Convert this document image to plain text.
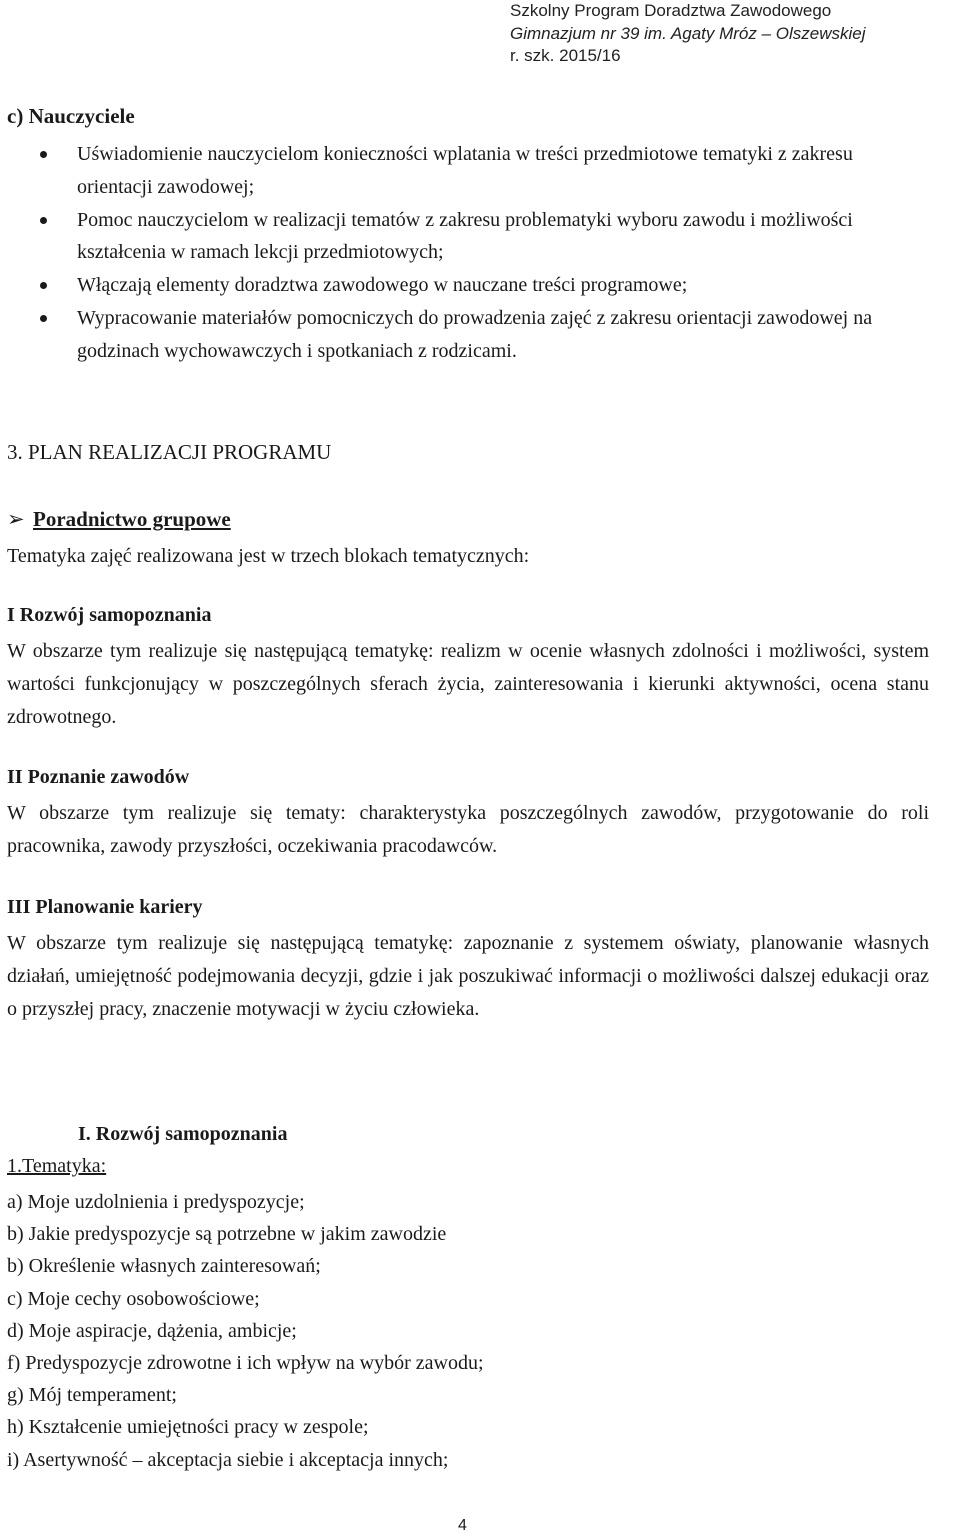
Szkolny Program Doradztwa Zawodowego
Gimnazjum nr 39 im. Agaty Mróz – Olszewskiej
r. szk. 2015/16
c) Nauczyciele
Uświadomienie nauczycielom konieczności wplatania w treści przedmiotowe tematyki z zakresu orientacji zawodowej;
Pomoc nauczycielom w realizacji tematów z zakresu problematyki wyboru zawodu i możliwości kształcenia w ramach lekcji przedmiotowych;
Włączają elementy doradztwa zawodowego w nauczane treści programowe;
Wypracowanie materiałów pomocniczych do prowadzenia zajęć z zakresu orientacji zawodowej na godzinach wychowawczych i spotkaniach z rodzicami.
3. PLAN REALIZACJI PROGRAMU
➢ Poradnictwo grupowe
Tematyka zajęć realizowana jest w trzech blokach tematycznych:
I Rozwój samopoznania
W obszarze tym realizuje się następującą tematykę: realizm w ocenie własnych zdolności i możliwości, system wartości funkcjonujący w poszczególnych sferach życia, zainteresowania i kierunki aktywności, ocena stanu zdrowotnego.
II Poznanie zawodów
W obszarze tym realizuje się tematy: charakterystyka poszczególnych zawodów, przygotowanie do roli pracownika, zawody przyszłości, oczekiwania pracodawców.
III Planowanie kariery
W obszarze tym realizuje się następującą tematykę: zapoznanie z systemem oświaty, planowanie własnych działań, umiejętność podejmowania decyzji, gdzie i jak poszukiwać informacji o możliwości dalszej edukacji oraz o przyszłej pracy, znaczenie motywacji w życiu człowieka.
I. Rozwój samopoznania
1.Tematyka:
a) Moje uzdolnienia i predyspozycje;
b) Jakie predyspozycje są potrzebne w jakim zawodzie
b) Określenie własnych zainteresowań;
c) Moje cechy osobowościowe;
d) Moje aspiracje, dążenia, ambicje;
f) Predyspozycje zdrowotne i ich wpływ na wybór zawodu;
g) Mój temperament;
h) Kształcenie umiejętności pracy w zespole;
i) Asertywność – akceptacja siebie i akceptacja innych;
4
